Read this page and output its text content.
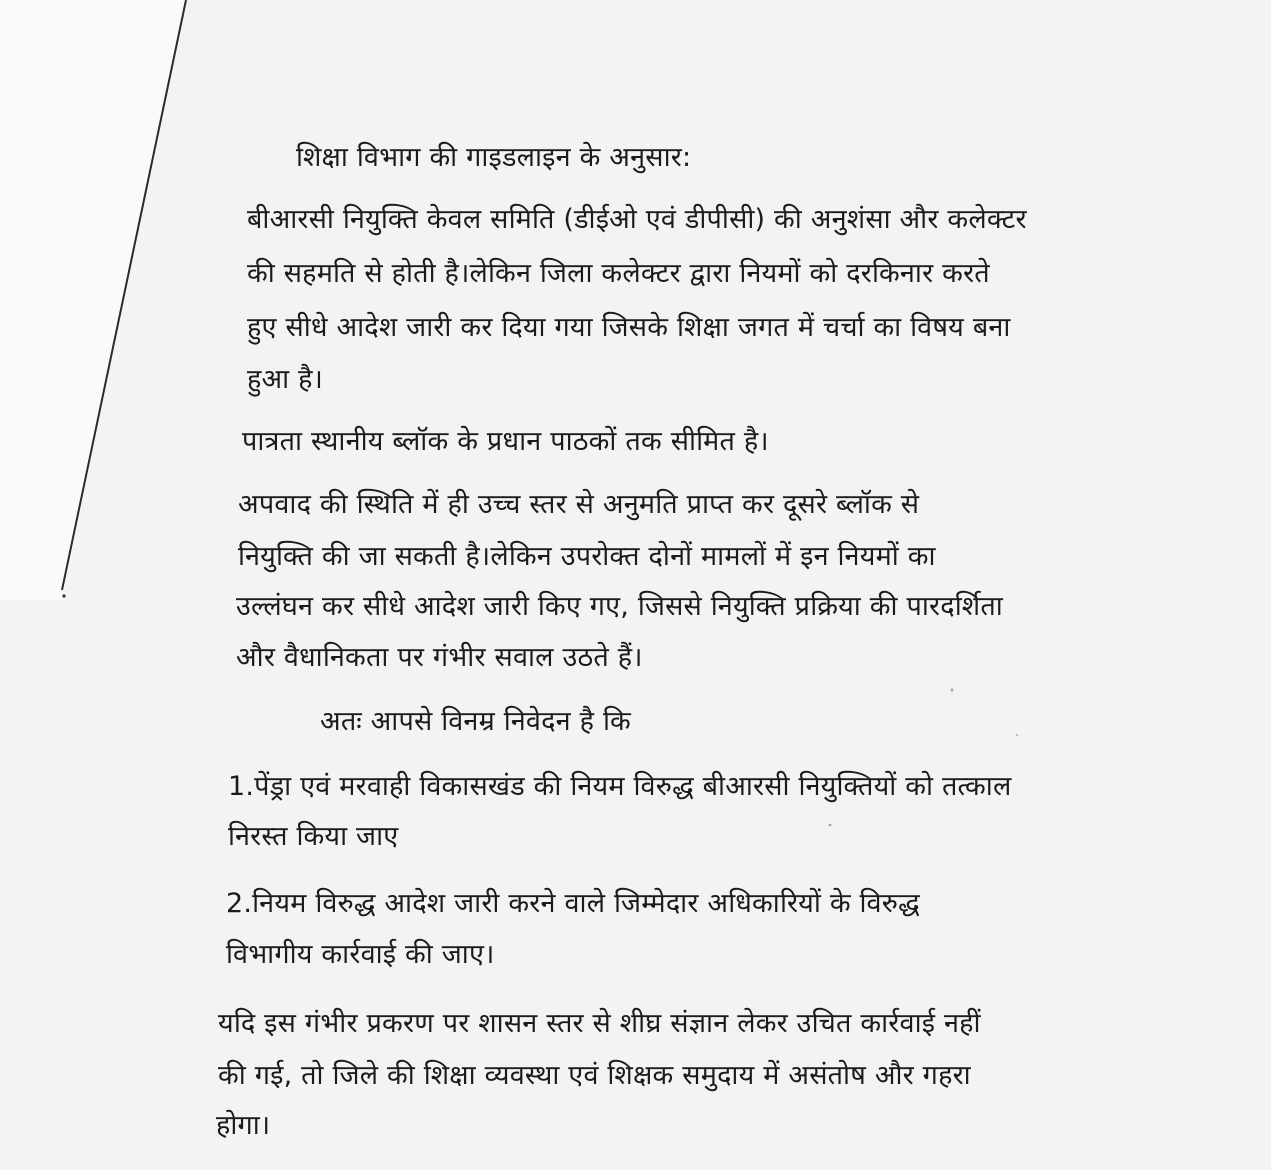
शिक्षा विभाग की गाइडलाइन के अनुसार:
बीआरसी नियुक्ति केवल समिति (डीईओ एवं डीपीसी) की अनुशंसा और कलेक्टर
की सहमति से होती है।लेकिन जिला कलेक्टर द्वारा नियमों को दरकिनार करते
हुए सीधे आदेश जारी कर दिया गया जिसके शिक्षा जगत में चर्चा का विषय बना
हुआ है।
पात्रता स्थानीय ब्लॉक के प्रधान पाठकों तक सीमित है।
अपवाद की स्थिति में ही उच्च स्तर से अनुमति प्राप्त कर दूसरे ब्लॉक से
नियुक्ति की जा सकती है।लेकिन उपरोक्त दोनों मामलों में इन नियमों का
उल्लंघन कर सीधे आदेश जारी किए गए, जिससे नियुक्ति प्रक्रिया की पारदर्शिता
और वैधानिकता पर गंभीर सवाल उठते हैं।
अतः आपसे विनम्र निवेदन है कि
1.पेंड्रा एवं मरवाही विकासखंड की नियम विरुद्ध बीआरसी नियुक्तियों को तत्काल
निरस्त किया जाए
2.नियम विरुद्ध आदेश जारी करने वाले जिम्मेदार अधिकारियों के विरुद्ध
विभागीय कार्रवाई की जाए।
यदि इस गंभीर प्रकरण पर शासन स्तर से शीघ्र संज्ञान लेकर उचित कार्रवाई नहीं
की गई, तो जिले की शिक्षा व्यवस्था एवं शिक्षक समुदाय में असंतोष और गहरा
होगा।
